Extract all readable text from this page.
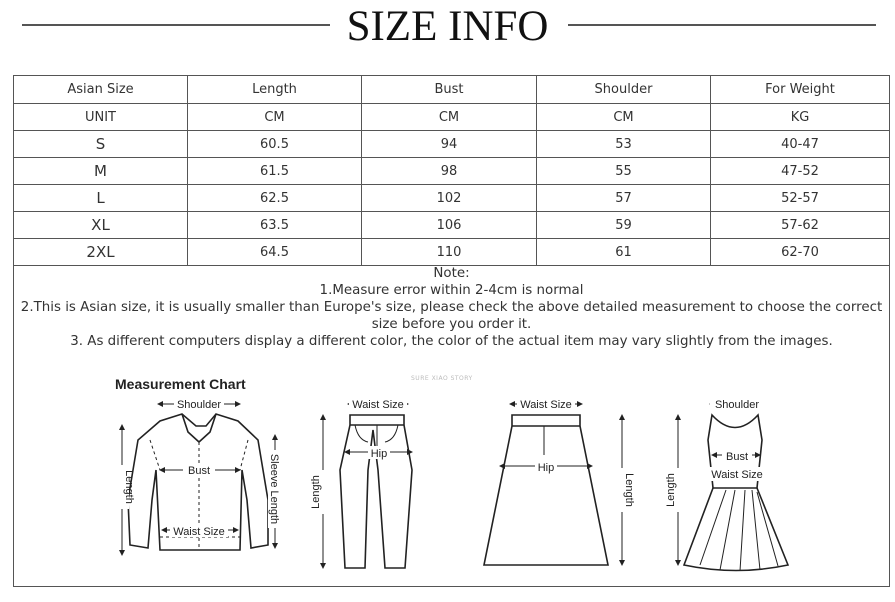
SIZE INFO
Asian Size	Length	Bust	Shoulder	For Weight
UNIT	CM	CM	CM	KG
S	60.5	94	53	40-47
M	61.5	98	55	47-52
L	62.5	102	57	52-57
XL	63.5	106	59	57-62
2XL	64.5	110	61	62-70
Note:
1.Measure error within 2-4cm is normal
2.This is Asian size, it is usually smaller than Europe's size, please check the above detailed measurement to choose the correct size before you order it.
3. As different computers display a different color, the color of the actual item may vary slightly from the images.
Measurement Chart	SURE XIAO STORY
Shoulder
Bust
Waist Size
Length	Sleeve Length
Waist Size
Hip
Length
Waist Size
Hip
Length
Shoulder
Bust
Waist Size
Length
